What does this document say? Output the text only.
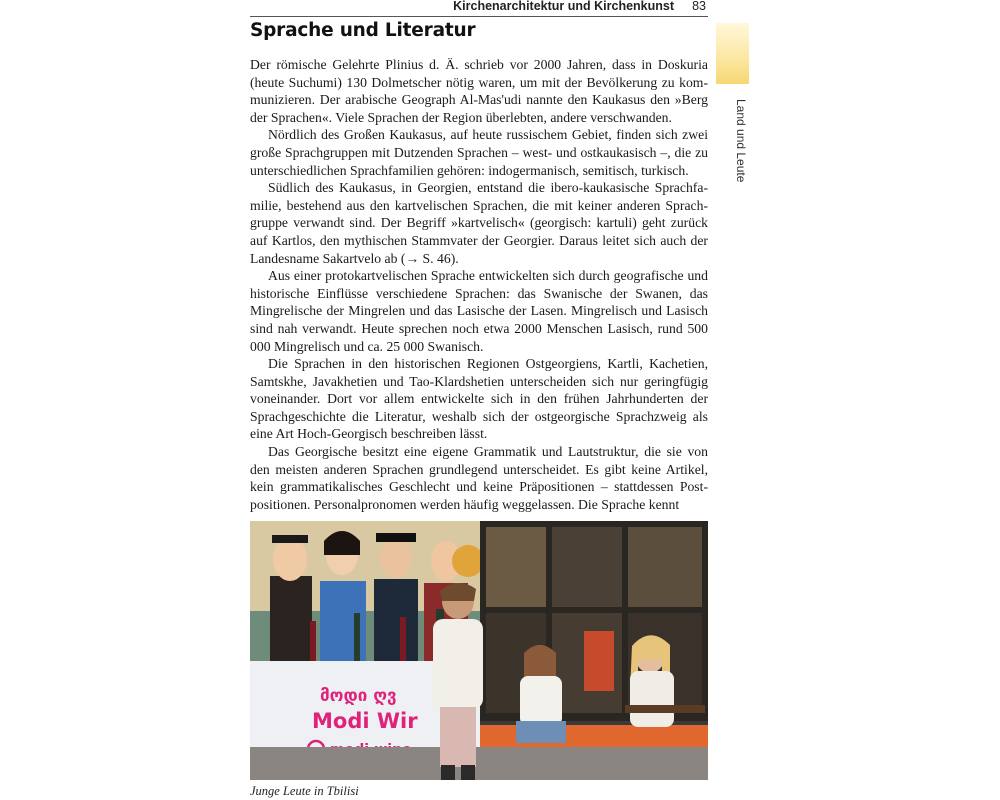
Kirchenarchitektur und Kirchenkunst 83
Land und Leute
Sprache und Literatur

Der römische Gelehrte Plinius d. Ä. schrieb vor 2000 Jahren, dass in Doskuria (heute Suchumi) 130 Dolmetscher nötig waren, um mit der Bevölkerung zu kommunizieren. Der arabische Geograph Al-Mas'udi nannte den Kaukasus den »Berg der Sprachen«. Viele Sprachen der Region überlebten, andere verschwanden.

Nördlich des Großen Kaukasus, auf heute russischem Gebiet, finden sich zwei große Sprachgruppen mit Dutzenden Sprachen – west- und ostkaukasisch –, die zu unterschiedlichen Sprachfamilien gehören: indogermanisch, semitisch, turkisch.

Südlich des Kaukasus, in Georgien, entstand die ibero-kaukasische Sprachfamilie, bestehend aus den kartvelischen Sprachen, die mit keiner anderen Sprachgruppe verwandt sind. Der Begriff »kartvelisch« (georgisch: kartuli) geht zurück auf Kartlos, den mythischen Stammvater der Georgier. Daraus leitet sich auch der Landesname Sakartvelo ab (→ S. 46).

Aus einer protokartvelischen Sprache entwickelten sich durch geografische und historische Einflüsse verschiedene Sprachen: das Swanische der Swanen, das Mingrelische der Mingrelen und das Lasische der Lasen. Mingrelisch und Lasisch sind nah verwandt. Heute sprechen noch etwa 2000 Menschen Lasisch, rund 500 000 Mingrelisch und ca. 25 000 Swanisch.

Die Sprachen in den historischen Regionen Ostgeorgiens, Kartli, Kachetien, Samtskhe, Javakhetien und Tao-Klardshetien unterscheiden sich nur geringfügig voneinander. Dort vor allem entwickelte sich in den frühen Jahrhunderten der Sprachgeschichte die Literatur, weshalb sich der ostgeorgische Sprachzweig als eine Art Hoch-Georgisch beschreiben lässt.

Das Georgische besitzt eine eigene Grammatik und Lautstruktur, die sie von den meisten anderen Sprachen grundlegend unterscheidet. Es gibt keine Artikel, kein grammatikalisches Geschlecht und keine Präpositionen – stattdessen Postpositionen. Personalpronomen werden häufig weggelassen. Die Sprache kennt

მოდი ღვ
Modi Wir
Junge Leute in Tbilisi
